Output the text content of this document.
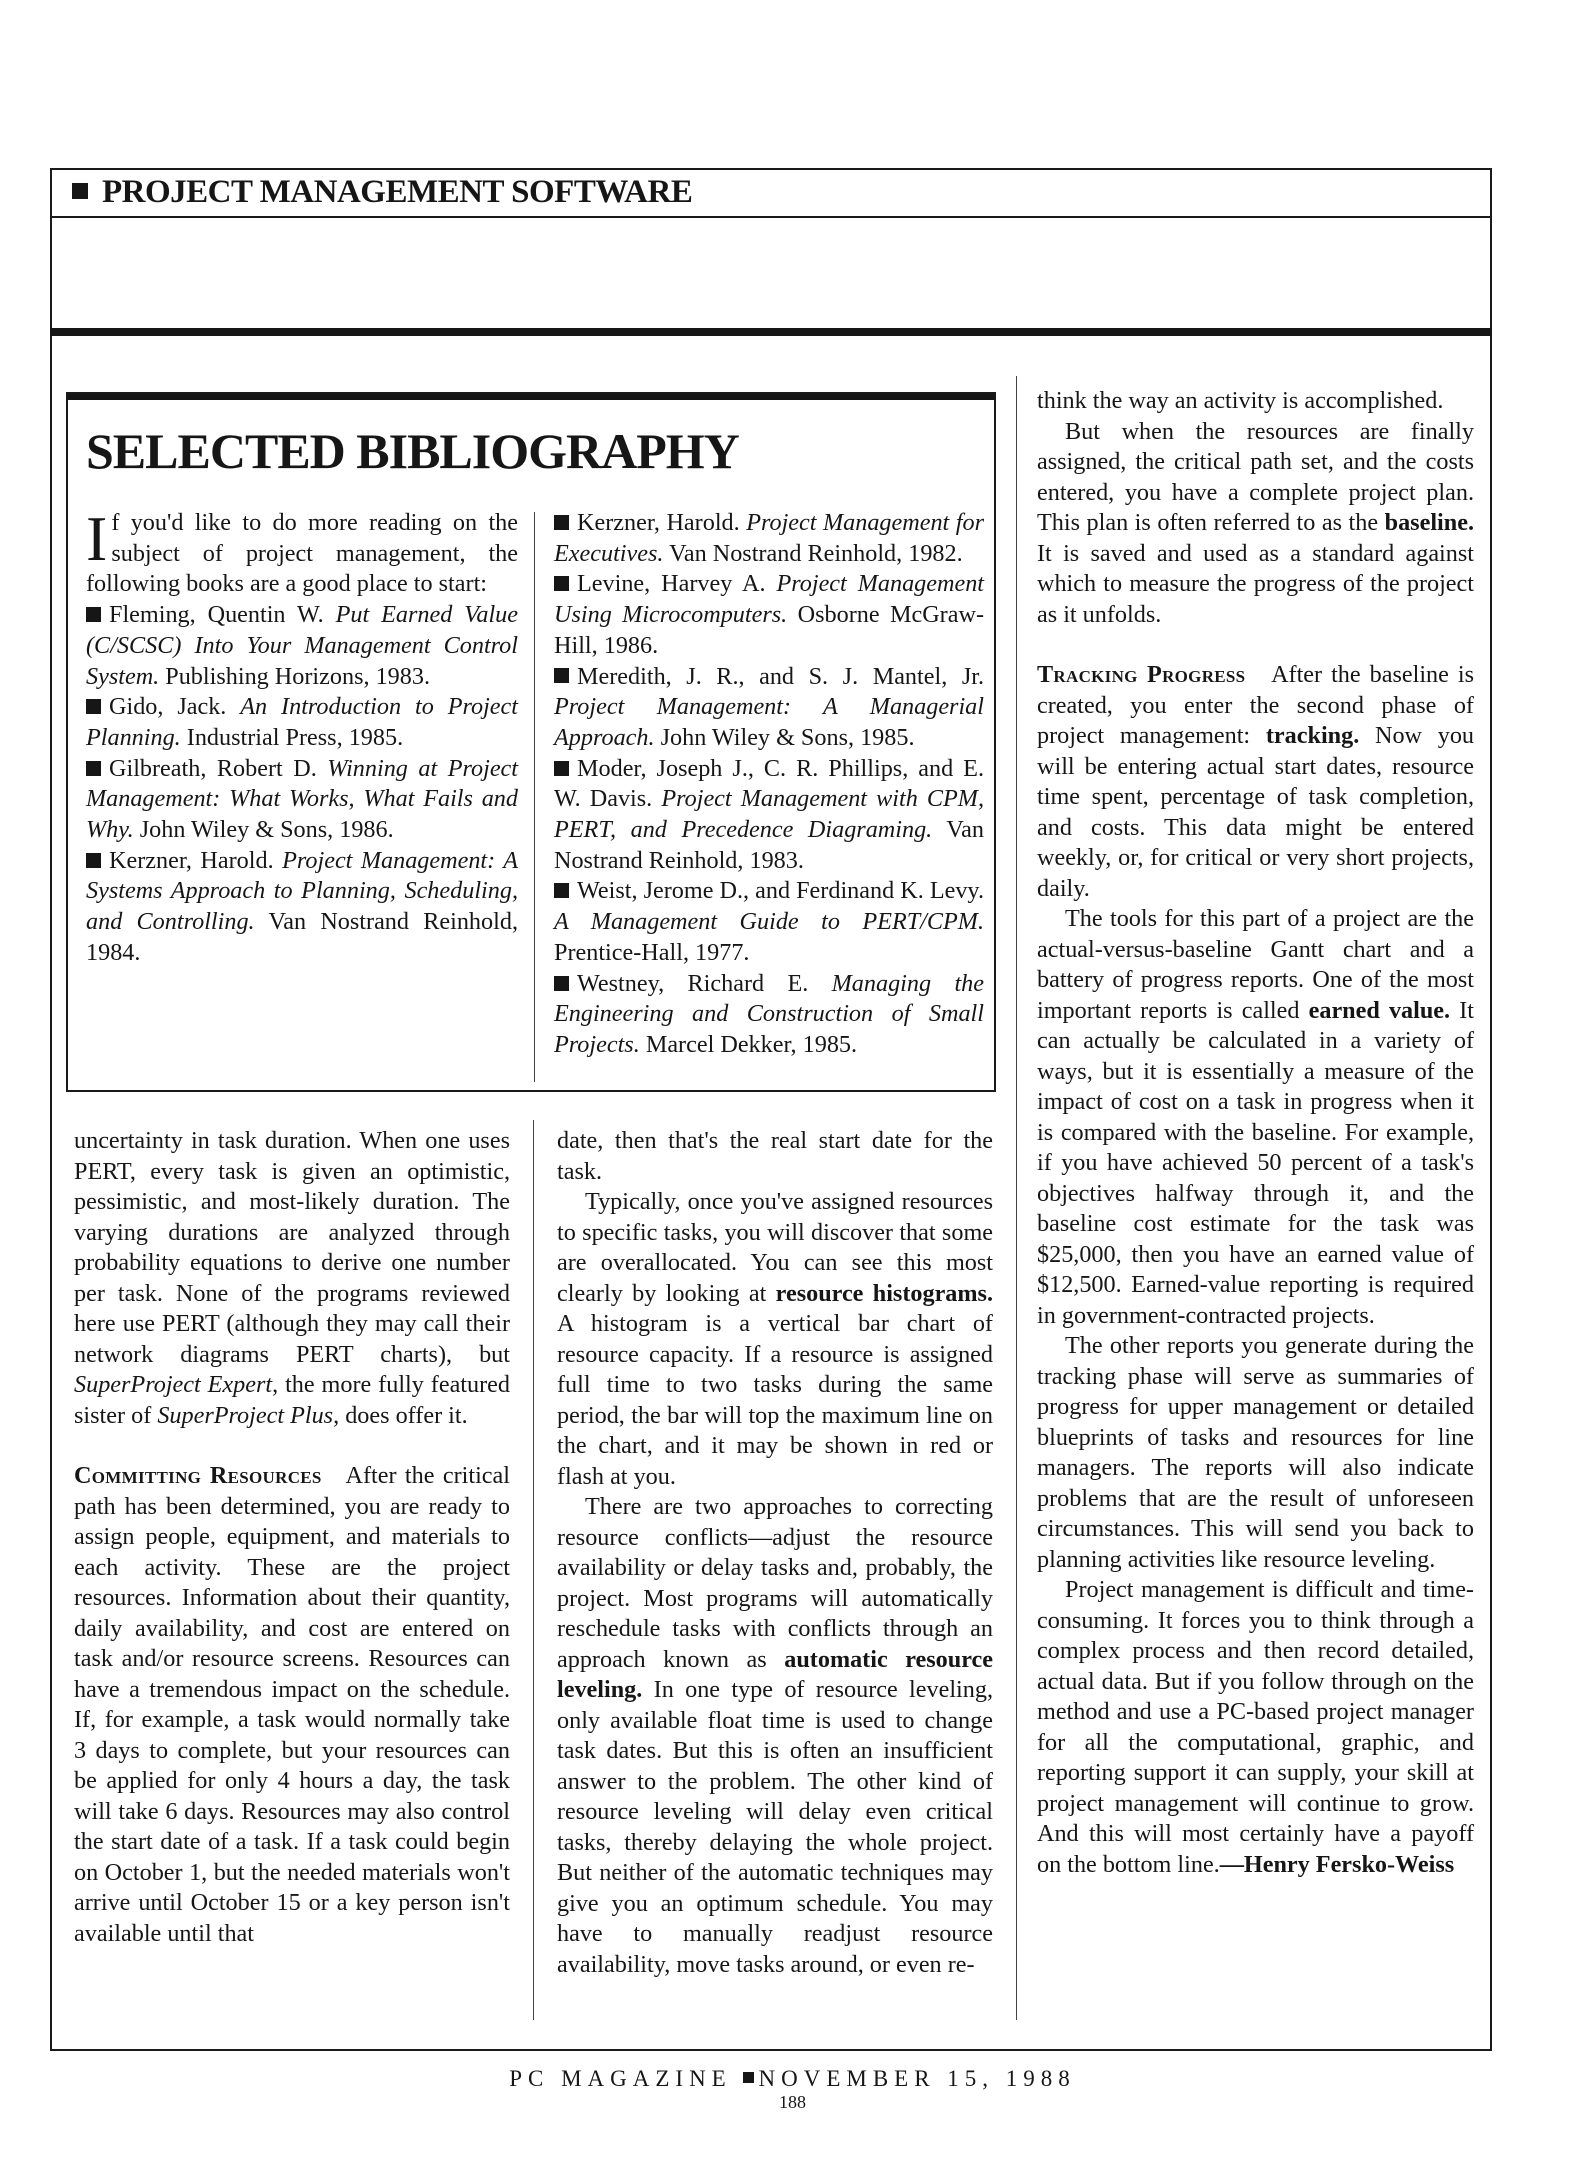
PROJECT MANAGEMENT SOFTWARE
SELECTED BIBLIOGRAPHY

If you'd like to do more reading on the subject of project management, the following books are a good place to start:

Fleming, Quentin W. Put Earned Value (C/SCSC) Into Your Management Control System. Publishing Horizons, 1983.

Gido, Jack. An Introduction to Project Planning. Industrial Press, 1985.

Gilbreath, Robert D. Winning at Project Management: What Works, What Fails and Why. John Wiley & Sons, 1986.

Kerzner, Harold. Project Management: A Systems Approach to Planning, Scheduling, and Controlling. Van Nostrand Reinhold, 1984.

Kerzner, Harold. Project Management for Executives. Van Nostrand Reinhold, 1982.

Levine, Harvey A. Project Management Using Microcomputers. Osborne McGraw-Hill, 1986.

Meredith, J. R., and S. J. Mantel, Jr. Project Management: A Managerial Approach. John Wiley & Sons, 1985.

Moder, Joseph J., C. R. Phillips, and E. W. Davis. Project Management with CPM, PERT, and Precedence Diagraming. Van Nostrand Reinhold, 1983.

Weist, Jerome D., and Ferdinand K. Levy. A Management Guide to PERT/CPM. Prentice-Hall, 1977.

Westney, Richard E. Managing the Engineering and Construction of Small Projects. Marcel Dekker, 1985.

uncertainty in task duration. When one uses PERT, every task is given an optimistic, pessimistic, and most-likely duration. The varying durations are analyzed through probability equations to derive one number per task. None of the programs reviewed here use PERT (although they may call their network diagrams PERT charts), but SuperProject Expert, the more fully featured sister of SuperProject Plus, does offer it.

Committing Resources After the critical path has been determined, you are ready to assign people, equipment, and materials to each activity. These are the project resources. Information about their quantity, daily availability, and cost are entered on task and/or resource screens. Resources can have a tremendous impact on the schedule. If, for example, a task would normally take 3 days to complete, but your resources can be applied for only 4 hours a day, the task will take 6 days. Resources may also control the start date of a task. If a task could begin on October 1, but the needed materials won't arrive until October 15 or a key person isn't available until that

date, then that's the real start date for the task.

Typically, once you've assigned resources to specific tasks, you will discover that some are overallocated. You can see this most clearly by looking at resource histograms. A histogram is a vertical bar chart of resource capacity. If a resource is assigned full time to two tasks during the same period, the bar will top the maximum line on the chart, and it may be shown in red or flash at you.

There are two approaches to correcting resource conflicts—adjust the resource availability or delay tasks and, probably, the project. Most programs will automatically reschedule tasks with conflicts through an approach known as automatic resource leveling. In one type of resource leveling, only available float time is used to change task dates. But this is often an insufficient answer to the problem. The other kind of resource leveling will delay even critical tasks, thereby delaying the whole project. But neither of the automatic techniques may give you an optimum schedule. You may have to manually readjust resource availability, move tasks around, or even re-

think the way an activity is accomplished.

But when the resources are finally assigned, the critical path set, and the costs entered, you have a complete project plan. This plan is often referred to as the baseline. It is saved and used as a standard against which to measure the progress of the project as it unfolds.

Tracking Progress After the baseline is created, you enter the second phase of project management: tracking. Now you will be entering actual start dates, resource time spent, percentage of task completion, and costs. This data might be entered weekly, or, for critical or very short projects, daily.

The tools for this part of a project are the actual-versus-baseline Gantt chart and a battery of progress reports. One of the most important reports is called earned value. It can actually be calculated in a variety of ways, but it is essentially a measure of the impact of cost on a task in progress when it is compared with the baseline. For example, if you have achieved 50 percent of a task's objectives halfway through it, and the baseline cost estimate for the task was $25,000, then you have an earned value of $12,500. Earned-value reporting is required in government-contracted projects.

The other reports you generate during the tracking phase will serve as summaries of progress for upper management or detailed blueprints of tasks and resources for line managers. The reports will also indicate problems that are the result of unforeseen circumstances. This will send you back to planning activities like resource leveling.

Project management is difficult and time-consuming. It forces you to think through a complex process and then record detailed, actual data. But if you follow through on the method and use a PC-based project manager for all the computational, graphic, and reporting support it can supply, your skill at project management will continue to grow. And this will most certainly have a payoff on the bottom line.—Henry Fersko-Weiss

PC MAGAZINE NOVEMBER 15, 1988
188
